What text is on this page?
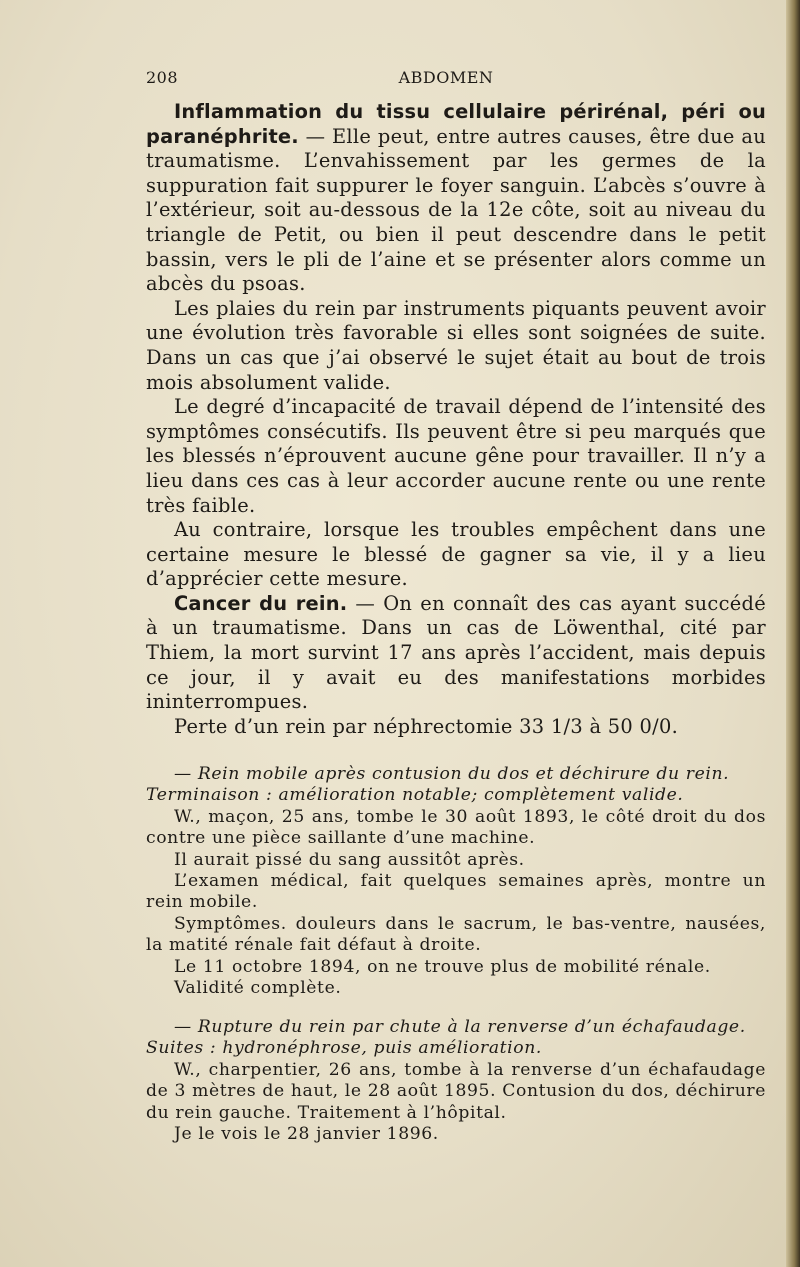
208	ABDOMEN

Inflammation du tissu cellulaire périrénal, péri ou paranéphrite. — Elle peut, entre autres causes, être due au traumatisme. L’envahissement par les germes de la suppuration fait suppurer le foyer sanguin. L’abcès s’ouvre à l’extérieur, soit au-dessous de la 12e côte, soit au niveau du triangle de Petit, ou bien il peut descendre dans le petit bassin, vers le pli de l’aine et se présenter alors comme un abcès du psoas.

Les plaies du rein par instruments piquants peuvent avoir une évolution très favorable si elles sont soignées de suite. Dans un cas que j’ai observé le sujet était au bout de trois mois absolument valide.

Le degré d’incapacité de travail dépend de l’intensité des symptômes consécutifs. Ils peuvent être si peu marqués que les blessés n’éprouvent aucune gêne pour travailler. Il n’y a lieu dans ces cas à leur accorder aucune rente ou une rente très faible.

Au contraire, lorsque les troubles empêchent dans une certaine mesure le blessé de gagner sa vie, il y a lieu d’apprécier cette mesure.

Cancer du rein. — On en connaît des cas ayant succédé à un traumatisme. Dans un cas de Löwenthal, cité par Thiem, la mort survint 17 ans après l’accident, mais depuis ce jour, il y avait eu des manifestations morbides ininterrompues.

Perte d’un rein par néphrectomie 33 1/3 à 50 0/0.

— Rein mobile après contusion du dos et déchirure du rein.

Terminaison : amélioration notable; complètement valide.

W., maçon, 25 ans, tombe le 30 août 1893, le côté droit du dos contre une pièce saillante d’une machine.

Il aurait pissé du sang aussitôt après.

L’examen médical, fait quelques semaines après, montre un rein mobile.

Symptômes. douleurs dans le sacrum, le bas-ventre, nausées, la matité rénale fait défaut à droite.

Le 11 octobre 1894, on ne trouve plus de mobilité rénale.

Validité complète.

— Rupture du rein par chute à la renverse d’un échafaudage.

Suites : hydronéphrose, puis amélioration.

W., charpentier, 26 ans, tombe à la renverse d’un échafaudage de 3 mètres de haut, le 28 août 1895. Contusion du dos, déchirure du rein gauche. Traitement à l’hôpital.

Je le vois le 28 janvier 1896.
